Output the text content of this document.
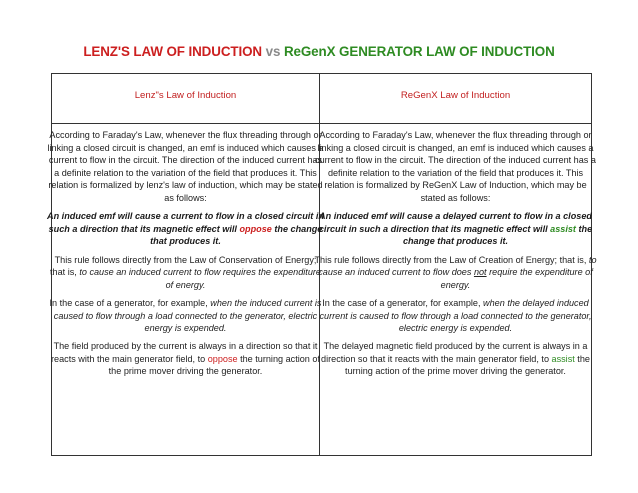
LENZ'S LAW OF INDUCTION vs ReGenX GENERATOR LAW OF INDUCTION
Lenz"s Law of Induction

According to Faraday's Law, whenever the flux threading through or linking a closed circuit is changed, an emf is induced which causes a current to flow in the circuit. The direction of the induced current has a definite relation to the variation of the field that produces it. This relation is formalized by lenz's law of induction, which may be stated as follows:

An induced emf will cause a current to flow in a closed circuit in such a direction that its magnetic effect will oppose the change that produces it.

This rule follows directly from the Law of Conservation of Energy; that is, to cause an induced current to flow requires the expenditure of energy.

In the case of a generator, for example, when the induced current is caused to flow through a load connected to the generator, electric energy is expended.

The field produced by the current is always in a direction so that it reacts with the main generator field, to oppose the turning action of the prime mover driving the generator.

ReGenX Law of Induction

According to Faraday's Law, whenever the flux threading through or linking a closed circuit is changed, an emf is induced which causes a current to flow in the circuit. The direction of the induced current has a definite relation to the variation of the field that produces it. This relation is formalized by ReGenX Law of Induction, which may be stated as follows:

An induced emf will cause a delayed current to flow in a closed circuit in such a direction that its magnetic effect will assist the change that produces it.

This rule follows directly from the Law of Creation of Energy; that is, to cause an induced current to flow does not require the expenditure of energy.

In the case of a generator, for example, when the delayed induced current is caused to flow through a load connected to the generator, electric energy is expended.

The delayed magnetic field produced by the current is always in a direction so that it reacts with the main generator field, to assist the turning action of the prime mover driving the generator.
